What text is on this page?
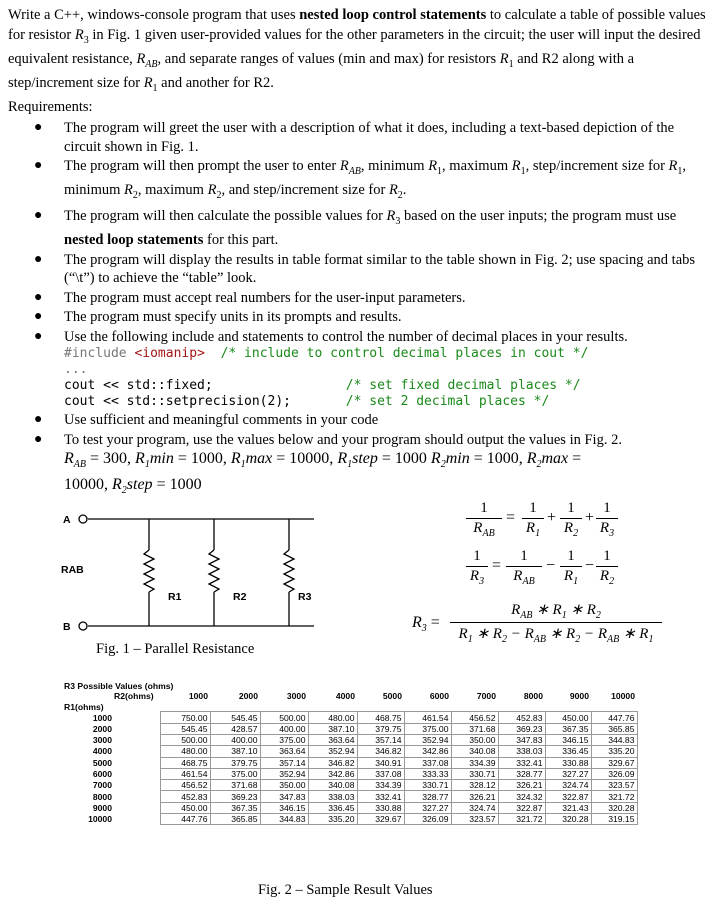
Write a C++, windows-console program that uses nested loop control statements to calculate a table of possible values for resistor $R_3$ in Fig. 1 given user-provided values for the other parameters in the circuit; the user will input the desired equivalent resistance, $R_{AB}$, and separate ranges of values (min and max) for resistors $R_1$ and R2 along with a step/increment size for $R_1$ and another for R2.
Requirements:
● The program will greet the user with a description of what it does, including a text-based depiction of the circuit shown in Fig. 1.
● The program will then prompt the user to enter $R_{AB}$, minimum $R_1$, maximum $R_1$, step/increment size for $R_1$, minimum $R_2$, maximum $R_2$, and step/increment size for $R_2$.
● The program will then calculate the possible values for $R_3$ based on the user inputs; the program must use nested loop statements for this part.
● The program will display the results in table format similar to the table shown in Fig. 2; use spacing and tabs (“\t”) to achieve the “table” look.
● The program must accept real numbers for the user-input parameters.
● The program must specify units in its prompts and results.
● Use the following include and statements to control the number of decimal places in your results.
#include <iomanip> /* include to control decimal places in cout */
...
cout << std::fixed;	/* set fixed decimal places */
cout << std::setprecision(2);	/* set 2 decimal places */
● Use sufficient and meaningful comments in your code
● To test your program, use the values below and your program should output the values in Fig. 2.
$R_{AB} = 300$, $R_1\min = 1000$, $R_1\max = 10000$, $R_1step = 1000$ $R_2\min = 1000$, $R_2\max$ =
10000, $R_2step = 1000$
A
B
RAB
R1	R2	R3
Fig. 1 – Parallel Resistance
1
$R_{AB}$
=
1
$R_1$
+
1
$R_2$
+
1
$R_3$
1
$R_3$
=
1
$R_{AB}$
−
1
$R_1$
−
1
$R_2$
$R_3$ =
$R_{AB}$ ∗ $R_1$ ∗ $R_2$
$R_1$ ∗ $R_2 - R_{AB}$ ∗ $R_2 - R_{AB}$ ∗ $R_1$
R3 Possible Values (ohms)											
	R2(ohms)	1000	2000	3000	4000	5000	6000	7000	8000	9000	10000
R1(ohms)											
1000		750.00	545.45	500.00	480.00	468.75	461.54	456.52	452.83	450.00	447.76
2000		545.45	428.57	400.00	387.10	379.75	375.00	371.68	369.23	367.35	365.85
3000		500.00	400.00	375.00	363.64	357.14	352.94	350.00	347.83	346.15	344.83
4000		480.00	387.10	363.64	352.94	346.82	342.86	340.08	338.03	336.45	335.20
5000		468.75	379.75	357.14	346.82	340.91	337.08	334.39	332.41	330.88	329.67
6000		461.54	375.00	352.94	342.86	337.08	333.33	330.71	328.77	327.27	326.09
7000		456.52	371.68	350.00	340.08	334.39	330.71	328.12	326.21	324.74	323.57
8000		452.83	369.23	347.83	338.03	332.41	328.77	326.21	324.32	322.87	321.72
9000		450.00	367.35	346.15	336.45	330.88	327.27	324.74	322.87	321.43	320.28
10000		447.76	365.85	344.83	335.20	329.67	326.09	323.57	321.72	320.28	319.15
Fig. 2 – Sample Result Values
